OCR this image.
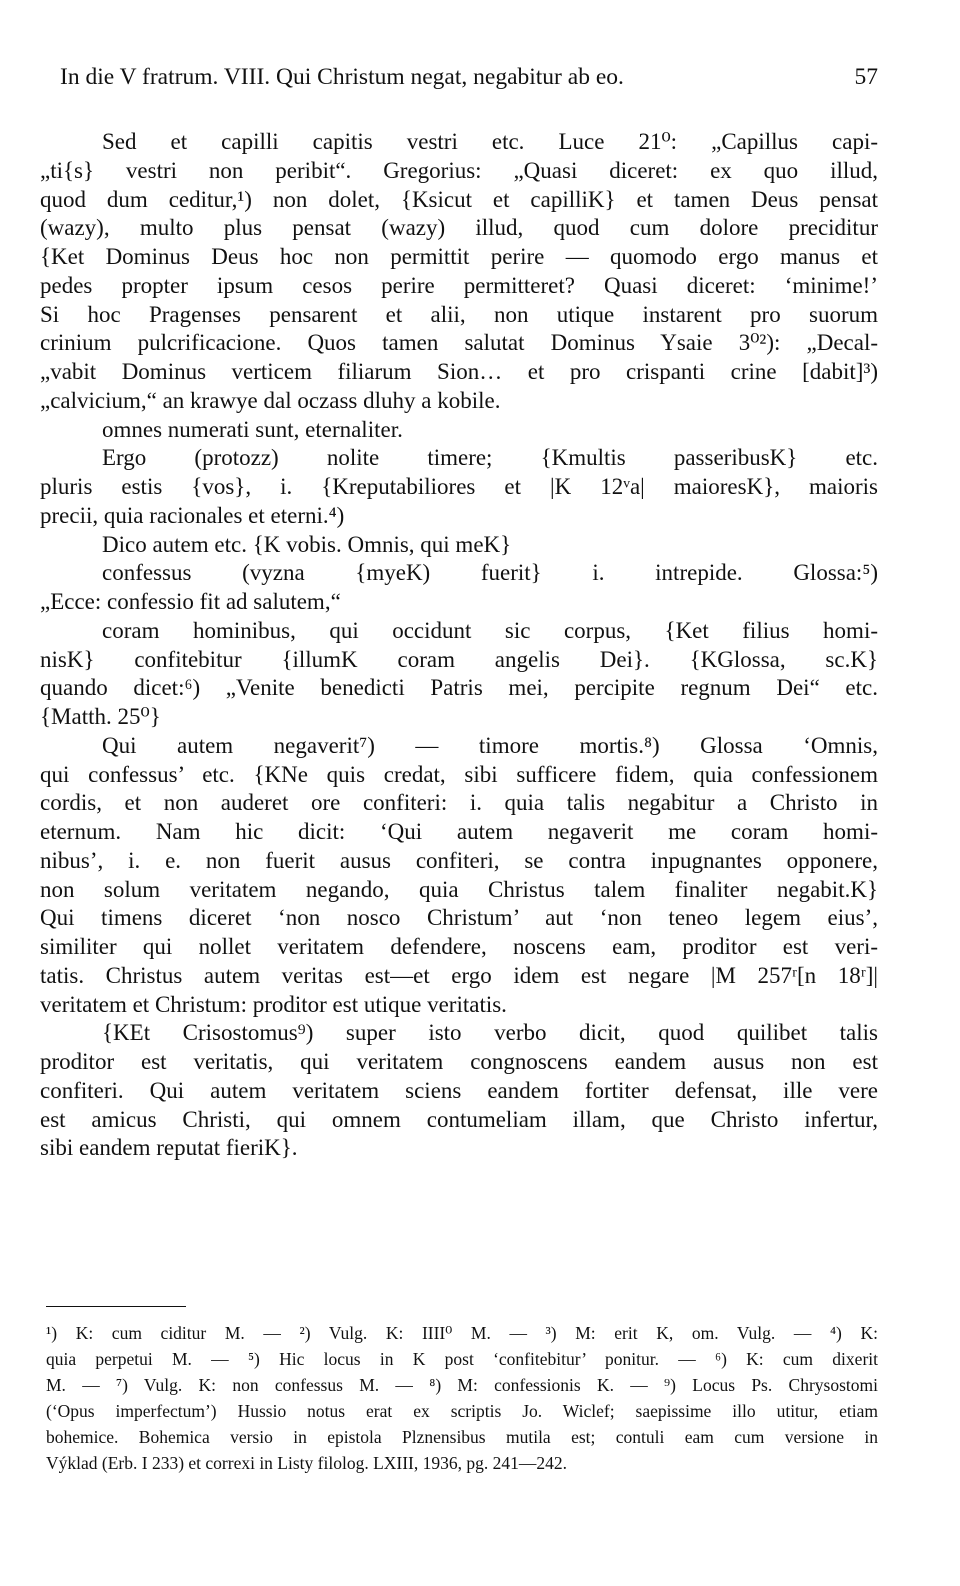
In die V fratrum. VIII. Qui Christum negat, negabitur ab eo.	57
Sed et capilli capitis vestri etc. Luce 21⁰: „Capillus capi-
„ti{s} vestri non peribit“. Gregorius: „Quasi diceret: ex quo illud,
quod dum ceditur,¹) non dolet, {Ksicut et capilliK} et tamen Deus pensat
(wazy), multo plus pensat (wazy) illud, quod cum dolore preciditur
{Ket Dominus Deus hoc non permittit perire — quomodo ergo manus et
pedes propter ipsum cesos perire permitteret? Quasi diceret: ‘minime!’
Si hoc Pragenses pensarent et alii, non utique instarent pro suorum
crinium pulcrificacione. Quos tamen salutat Dominus Ysaie 3⁰²): „Decal-
„vabit Dominus verticem filiarum Sion… et pro crispanti crine [dabit]³)
„calvicium,“ an krawye dal oczass dluhy a kobile.
omnes numerati sunt, eternaliter.
Ergo (protozz) nolite timere; {Kmultis passeribusK} etc.
pluris estis {vos}, i. {Kreputabiliores et |K 12ᵛa| maioresK}, maioris
precii, quia racionales et eterni.⁴)
Dico autem etc. {K vobis. Omnis, qui meK}
confessus (vyzna {myeK) fuerit} i. intrepide. Glossa:⁵)
„Ecce: confessio fit ad salutem,“
coram hominibus, qui occidunt sic corpus, {Ket filius homi-
nisK} confitebitur {illumK coram angelis Dei}. {KGlossa, sc.K}
quando dicet:⁶) „Venite benedicti Patris mei, percipite regnum Dei“ etc.
{Matth. 25⁰}
Qui autem negaverit⁷) — timore mortis.⁸) Glossa ‘Omnis,
qui confessus’ etc. {KNe quis credat, sibi sufficere fidem, quia confessionem
cordis, et non auderet ore confiteri: i. quia talis negabitur a Christo in
eternum. Nam hic dicit: ‘Qui autem negaverit me coram homi-
nibus’, i. e. non fuerit ausus confiteri, se contra inpugnantes opponere,
non solum veritatem negando, quia Christus talem finaliter negabit.K}
Qui timens diceret ‘non nosco Christum’ aut ‘non teneo legem eius’,
similiter qui nollet veritatem defendere, noscens eam, proditor est veri-
tatis. Christus autem veritas est—et ergo idem est negare |M 257ʳ[n 18ʳ]|
veritatem et Christum: proditor est utique veritatis.
{KEt Crisostomus⁹) super isto verbo dicit, quod quilibet talis
proditor est veritatis, qui veritatem congnoscens eandem ausus non est
confiteri. Qui autem veritatem sciens eandem fortiter defensat, ille vere
est amicus Christi, qui omnem contumeliam illam, que Christo infertur,
sibi eandem reputat fieriK}.
¹) K: cum ciditur M. — ²) Vulg. K: IIII⁰ M. — ³) M: erit K, om. Vulg. — ⁴) K:
quia perpetui M. — ⁵) Hic locus in K post ‘confitebitur’ ponitur. — ⁶) K: cum dixerit
M. — ⁷) Vulg. K: non confessus M. — ⁸) M: confessionis K. — ⁹) Locus Ps. Chrysostomi
(‘Opus imperfectum’) Hussio notus erat ex scriptis Jo. Wiclef; saepissime illo utitur, etiam
bohemice. Bohemica versio in epistola Plznensibus mutila est; contuli eam cum versione in
Výklad (Erb. I 233) et correxi in Listy filolog. LXIII, 1936, pg. 241—242.
